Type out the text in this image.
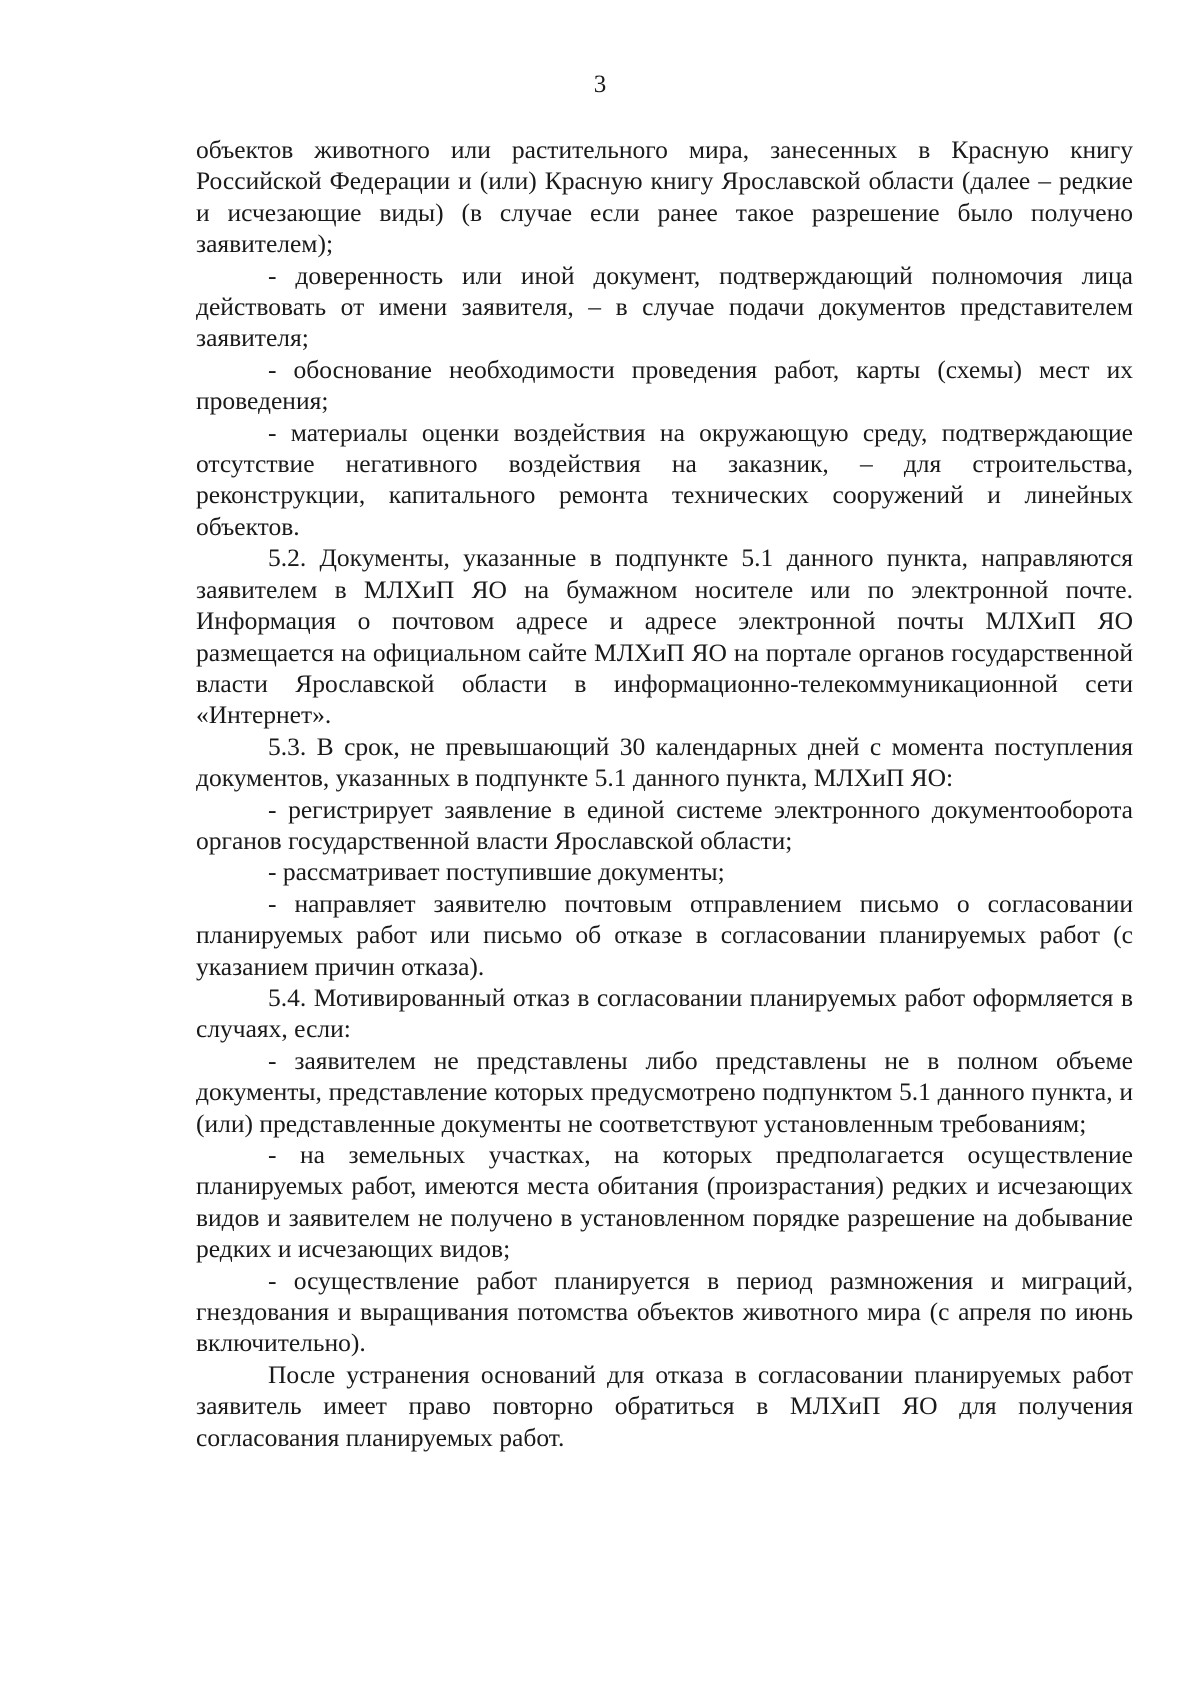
3

объектов животного или растительного мира, занесенных в Красную книгу Российской Федерации и (или) Красную книгу Ярославской области (далее – редкие и исчезающие виды) (в случае если ранее такое разрешение было получено заявителем);

- доверенность или иной документ, подтверждающий полномочия лица действовать от имени заявителя, – в случае подачи документов представителем заявителя;

- обоснование необходимости проведения работ, карты (схемы) мест их проведения;

- материалы оценки воздействия на окружающую среду, подтверждающие отсутствие негативного воздействия на заказник, – для строительства, реконструкции, капитального ремонта технических сооружений и линейных объектов.

5.2. Документы, указанные в подпункте 5.1 данного пункта, направляются заявителем в МЛХиП ЯО на бумажном носителе или по электронной почте. Информация о почтовом адресе и адресе электронной почты МЛХиП ЯО размещается на официальном сайте МЛХиП ЯО на портале органов государственной власти Ярославской области в информационно-телекоммуникационной сети «Интернет».

5.3. В срок, не превышающий 30 календарных дней с момента поступления документов, указанных в подпункте 5.1 данного пункта, МЛХиП ЯО:

- регистрирует заявление в единой системе электронного документооборота органов государственной власти Ярославской области;

- рассматривает поступившие документы;

- направляет заявителю почтовым отправлением письмо о согласовании планируемых работ или письмо об отказе в согласовании планируемых работ (с указанием причин отказа).

5.4. Мотивированный отказ в согласовании планируемых работ оформляется в случаях, если:

- заявителем не представлены либо представлены не в полном объеме документы, представление которых предусмотрено подпунктом 5.1 данного пункта, и (или) представленные документы не соответствуют установленным требованиям;

- на земельных участках, на которых предполагается осуществление планируемых работ, имеются места обитания (произрастания) редких и исчезающих видов и заявителем не получено в установленном порядке разрешение на добывание редких и исчезающих видов;

- осуществление работ планируется в период размножения и миграций, гнездования и выращивания потомства объектов животного мира (с апреля по июнь включительно).

После устранения оснований для отказа в согласовании планируемых работ заявитель имеет право повторно обратиться в МЛХиП ЯО для получения согласования планируемых работ.
